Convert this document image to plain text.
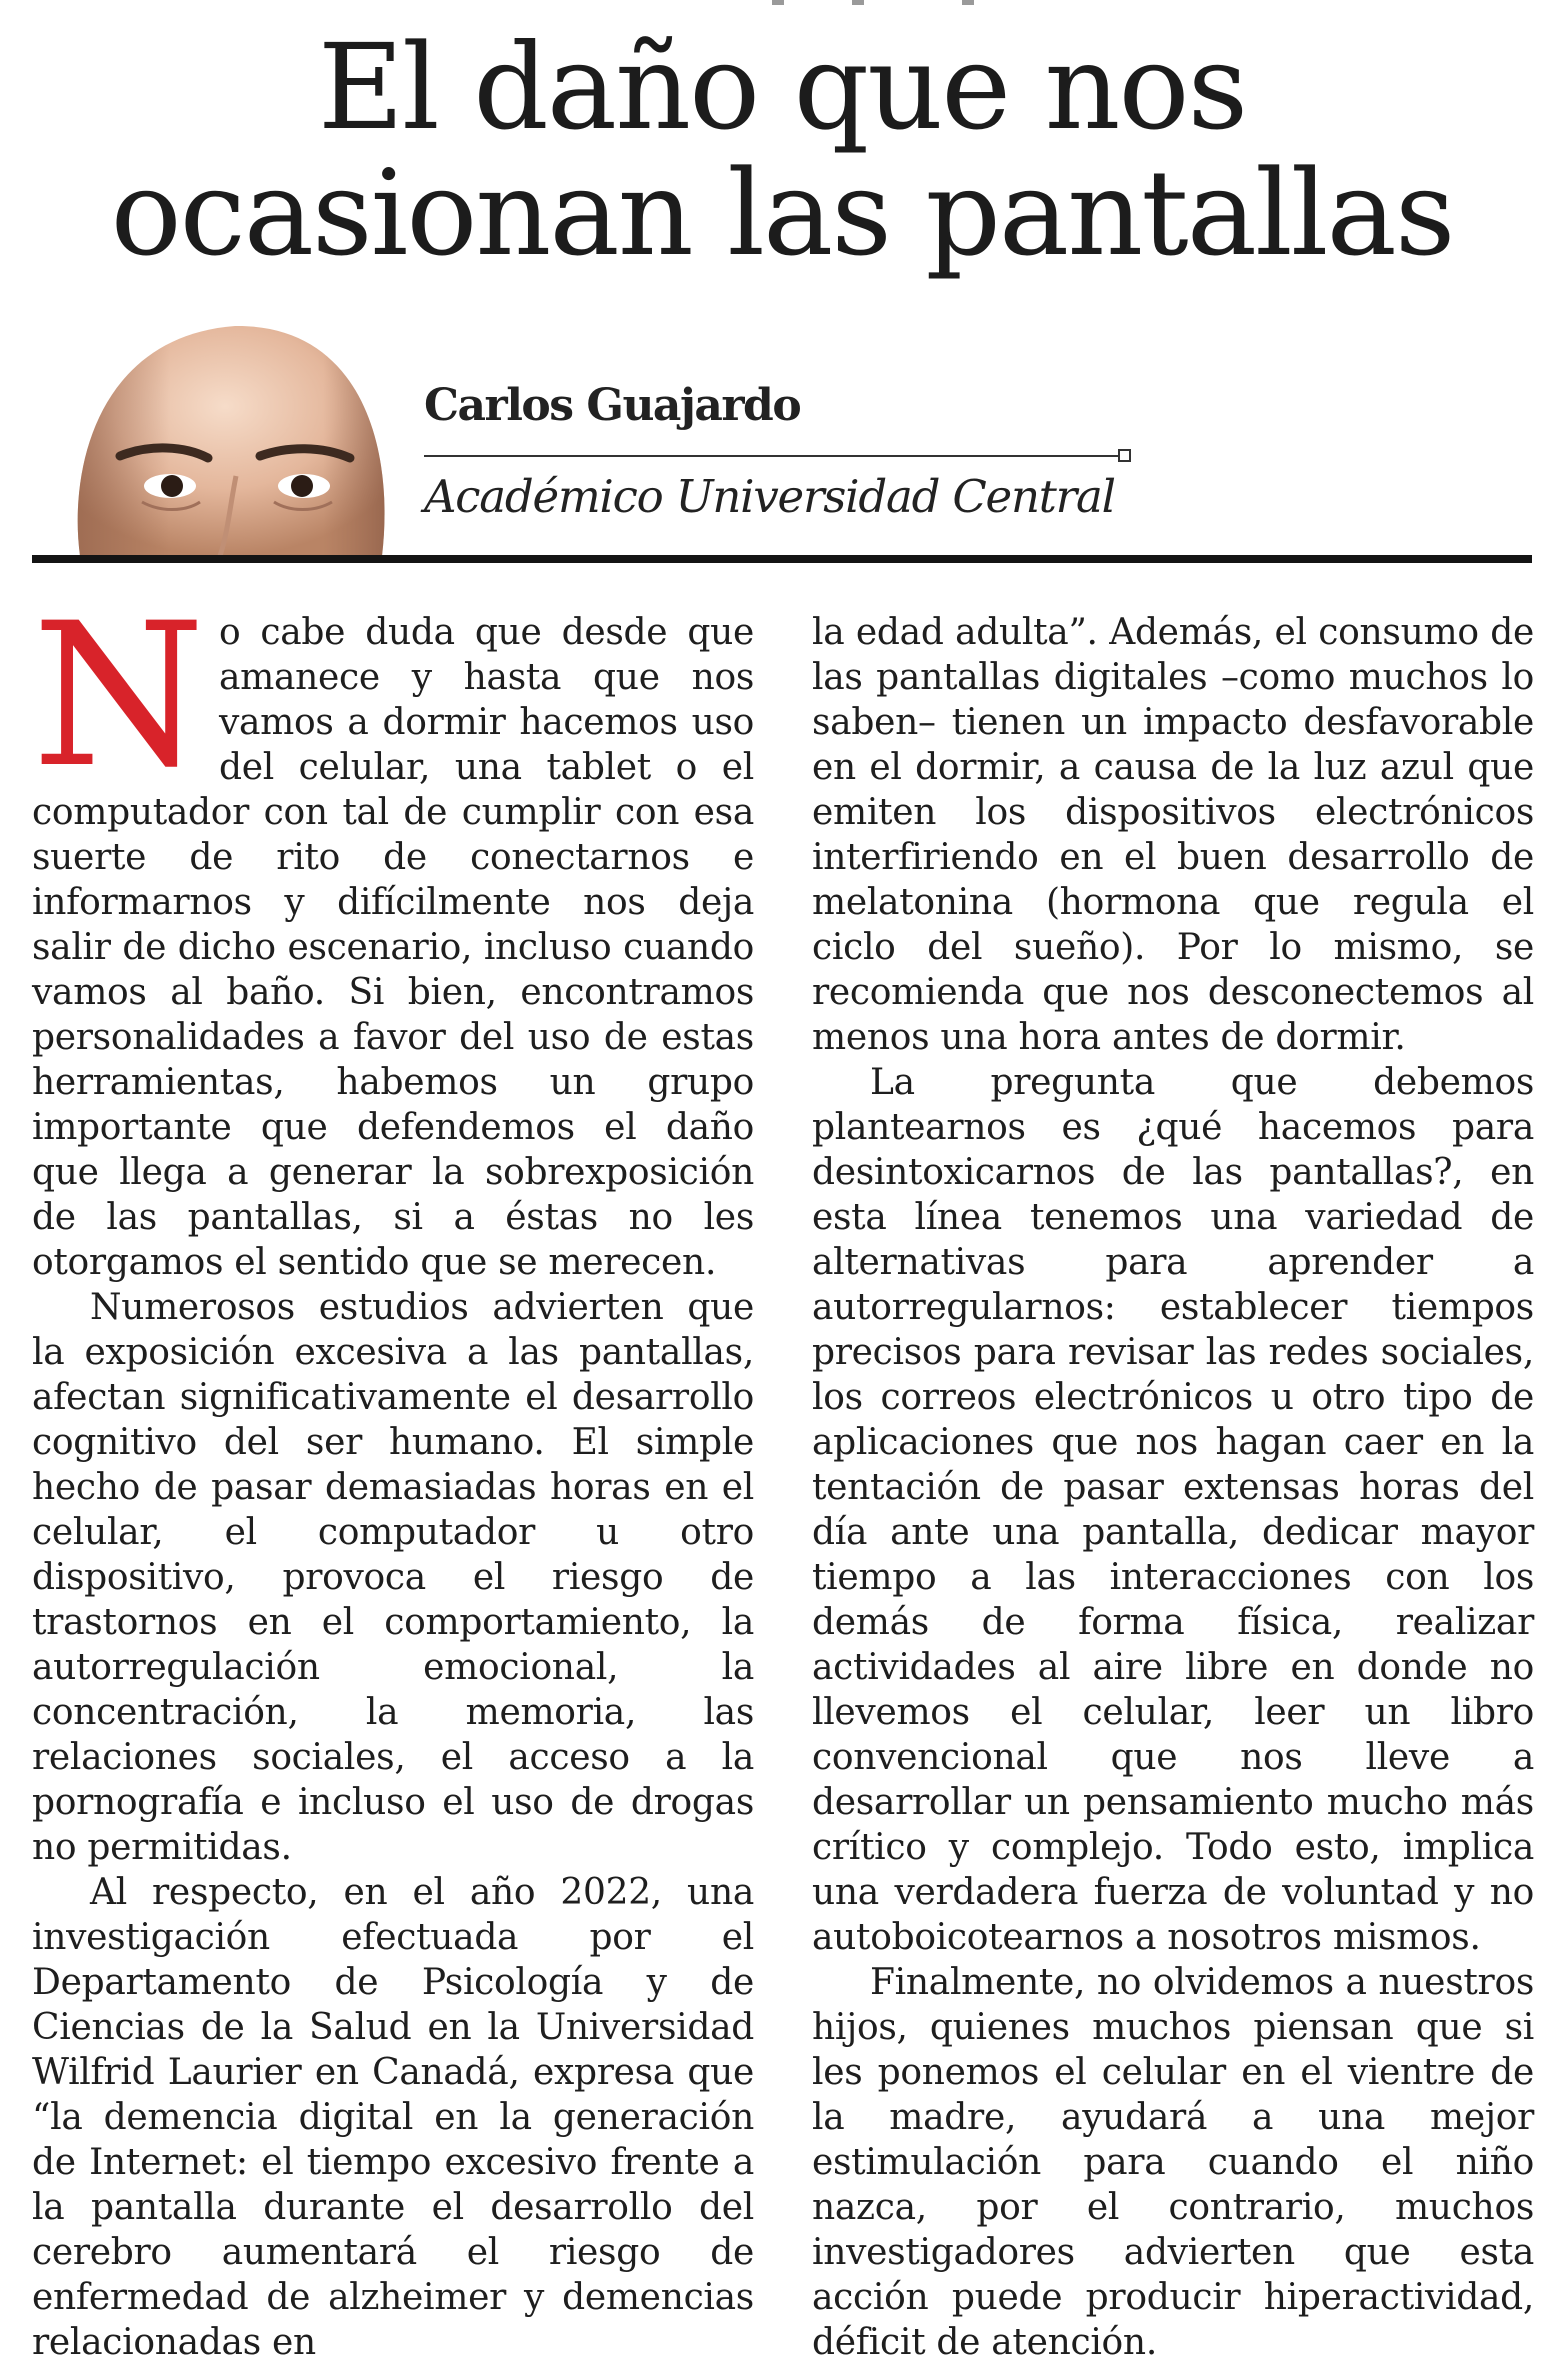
El daño que nos
ocasionan las pantallas
Carlos Guajardo
Académico Universidad Central

No cabe duda que desde que amanece y hasta que nos vamos a dormir hacemos uso del celular, una tablet o el computador con tal de cumplir con esa suerte de rito de conectarnos e informarnos y difícilmente nos deja salir de dicho escenario, incluso cuando vamos al baño. Si bien, encontramos personalidades a favor del uso de estas herramientas, habemos un grupo importante que defendemos el daño que llega a generar la sobrexposición de las pantallas, si a éstas no les otorgamos el sentido que se merecen.

Numerosos estudios advierten que la exposición excesiva a las pantallas, afectan significativamente el desarrollo cognitivo del ser humano. El simple hecho de pasar demasiadas horas en el celular, el computador u otro dispositivo, provoca el riesgo de trastornos en el comportamiento, la autorregulación emocional, la concentración, la memoria, las relaciones sociales, el acceso a la pornografía e incluso el uso de drogas no permitidas.

Al respecto, en el año 2022, una investigación efectuada por el Departamento de Psicología y de Ciencias de la Salud en la Universidad Wilfrid Laurier en Canadá, expresa que “la demencia digital en la generación de Internet: el tiempo excesivo frente a la pantalla durante el desarrollo del cerebro aumentará el riesgo de enfermedad de alzheimer y demencias relacionadas en

la edad adulta”. Además, el consumo de las pantallas digitales –como muchos lo saben– tienen un impacto desfavorable en el dormir, a causa de la luz azul que emiten los dispositivos electrónicos interfiriendo en el buen desarrollo de melatonina (hormona que regula el ciclo del sueño). Por lo mismo, se recomienda que nos desconectemos al menos una hora antes de dormir.

La pregunta que debemos plantearnos es ¿qué hacemos para desintoxicarnos de las pantallas?, en esta línea tenemos una variedad de alternativas para aprender a autorregularnos: establecer tiempos precisos para revisar las redes sociales, los correos electrónicos u otro tipo de aplicaciones que nos hagan caer en la tentación de pasar extensas horas del día ante una pantalla, dedicar mayor tiempo a las interacciones con los demás de forma física, realizar actividades al aire libre en donde no llevemos el celular, leer un libro convencional que nos lleve a desarrollar un pensamiento mucho más crítico y complejo. Todo esto, implica una verdadera fuerza de voluntad y no autoboicotearnos a nosotros mismos.

Finalmente, no olvidemos a nuestros hijos, quienes muchos piensan que si les ponemos el celular en el vientre de la madre, ayudará a una mejor estimulación para cuando el niño nazca, por el contrario, muchos investigadores advierten que esta acción puede producir hiperactividad, déficit de atención.
